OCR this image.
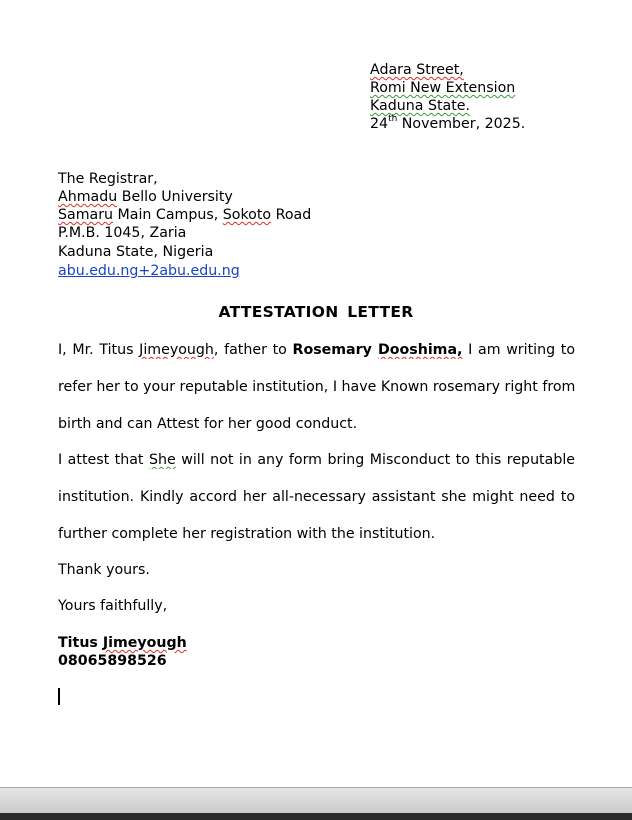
Adara Street,
Romi New Extension
Kaduna State.
24th November, 2025.
The Registrar,
Ahmadu Bello University
Samaru Main Campus, Sokoto Road
P.M.B. 1045, Zaria
Kaduna State, Nigeria
abu.edu.ng+2abu.edu.ng
ATTESTATION LETTER
I, Mr. Titus Jimeyough, father to Rosemary Dooshima, I am writing to
refer her to your reputable institution, I have Known rosemary right from
birth and can Attest for her good conduct.
I attest that She will not in any form bring Misconduct to this reputable
institution. Kindly accord her all-necessary assistant she might need to
further complete her registration with the institution.
Thank yours.
Yours faithfully,
Titus Jimeyough
08065898526
